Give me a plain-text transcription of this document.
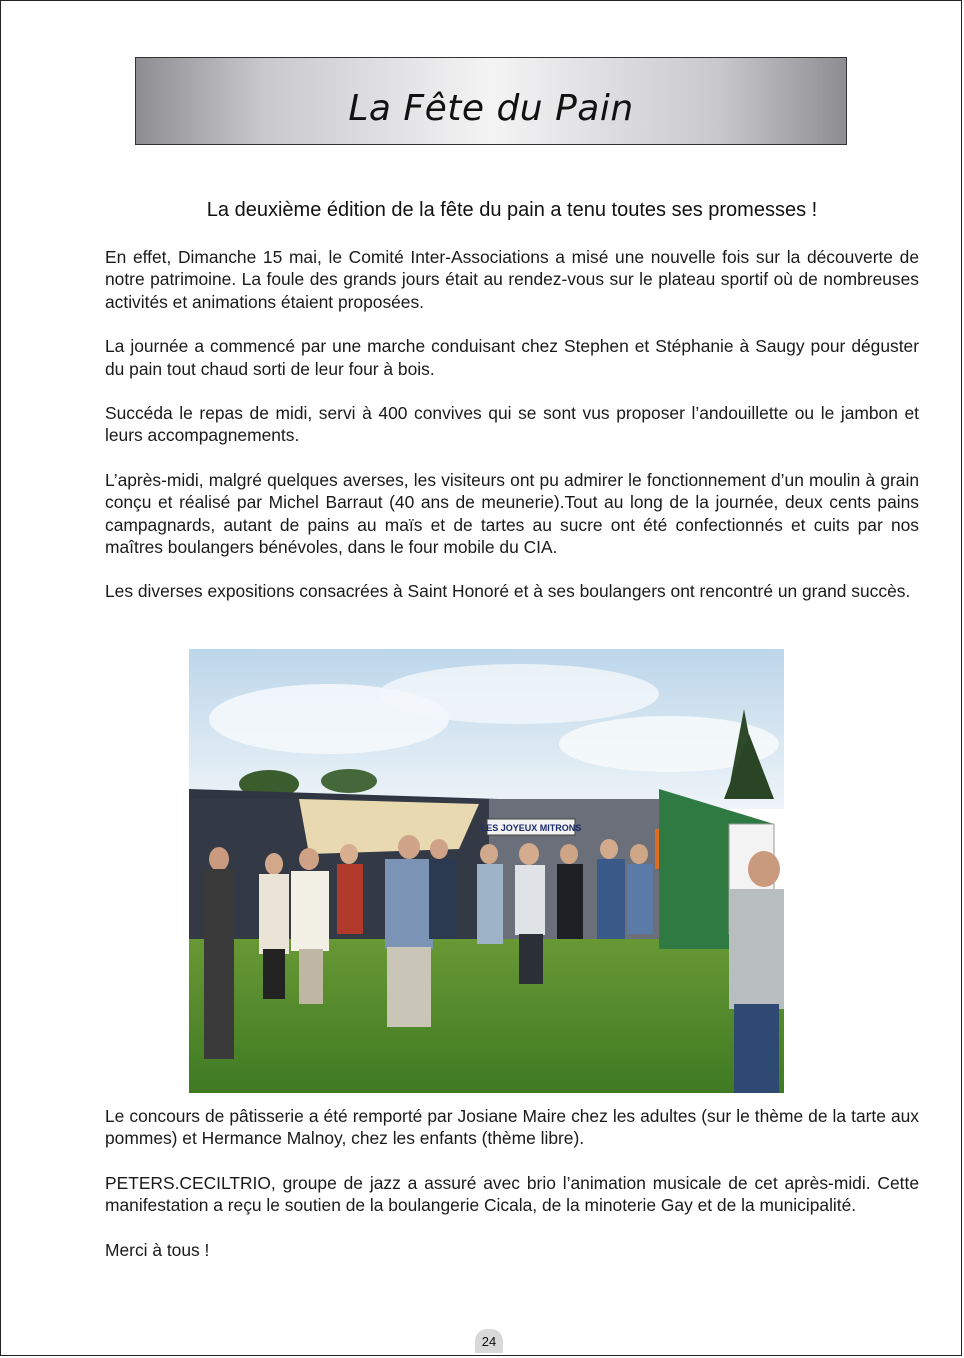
La Fête du Pain
La deuxième édition de la fête du pain a tenu toutes ses promesses !

En effet, Dimanche 15 mai, le Comité Inter-Associations a misé une nouvelle fois sur la découverte de notre patrimoine. La foule des grands jours était au rendez-vous sur le plateau sportif où de nombreuses activités et animations étaient proposées.

La journée a commencé par une marche conduisant chez Stephen et Stéphanie à Saugy pour déguster du pain tout chaud sorti de leur four à bois.

Succéda le repas de midi, servi à 400 convives qui se sont vus proposer l’andouillette ou le jambon et leurs accompagnements.

L’après-midi, malgré quelques averses, les visiteurs ont pu admirer le fonctionnement d’un moulin à grain conçu et réalisé par Michel Barraut (40 ans de meunerie).Tout au long de la journée, deux cents pains campagnards, autant de pains au maïs et de tartes au sucre ont été confectionnés et cuits par nos maîtres boulangers bénévoles, dans le four mobile du CIA.

Les diverses expositions consacrées à Saint Honoré et à ses boulangers ont rencontré un grand succès.

LES JOYEUX MITRONS

Le concours de pâtisserie a été remporté par Josiane Maire chez les adultes (sur le thème de la tarte aux pommes) et Hermance Malnoy, chez les enfants (thème libre).

PETERS.CECILTRIO, groupe de jazz a assuré avec brio l’animation musicale de cet après-midi. Cette manifestation a reçu le soutien de la boulangerie Cicala, de la minoterie Gay et de la municipalité.

Merci à tous !

24
